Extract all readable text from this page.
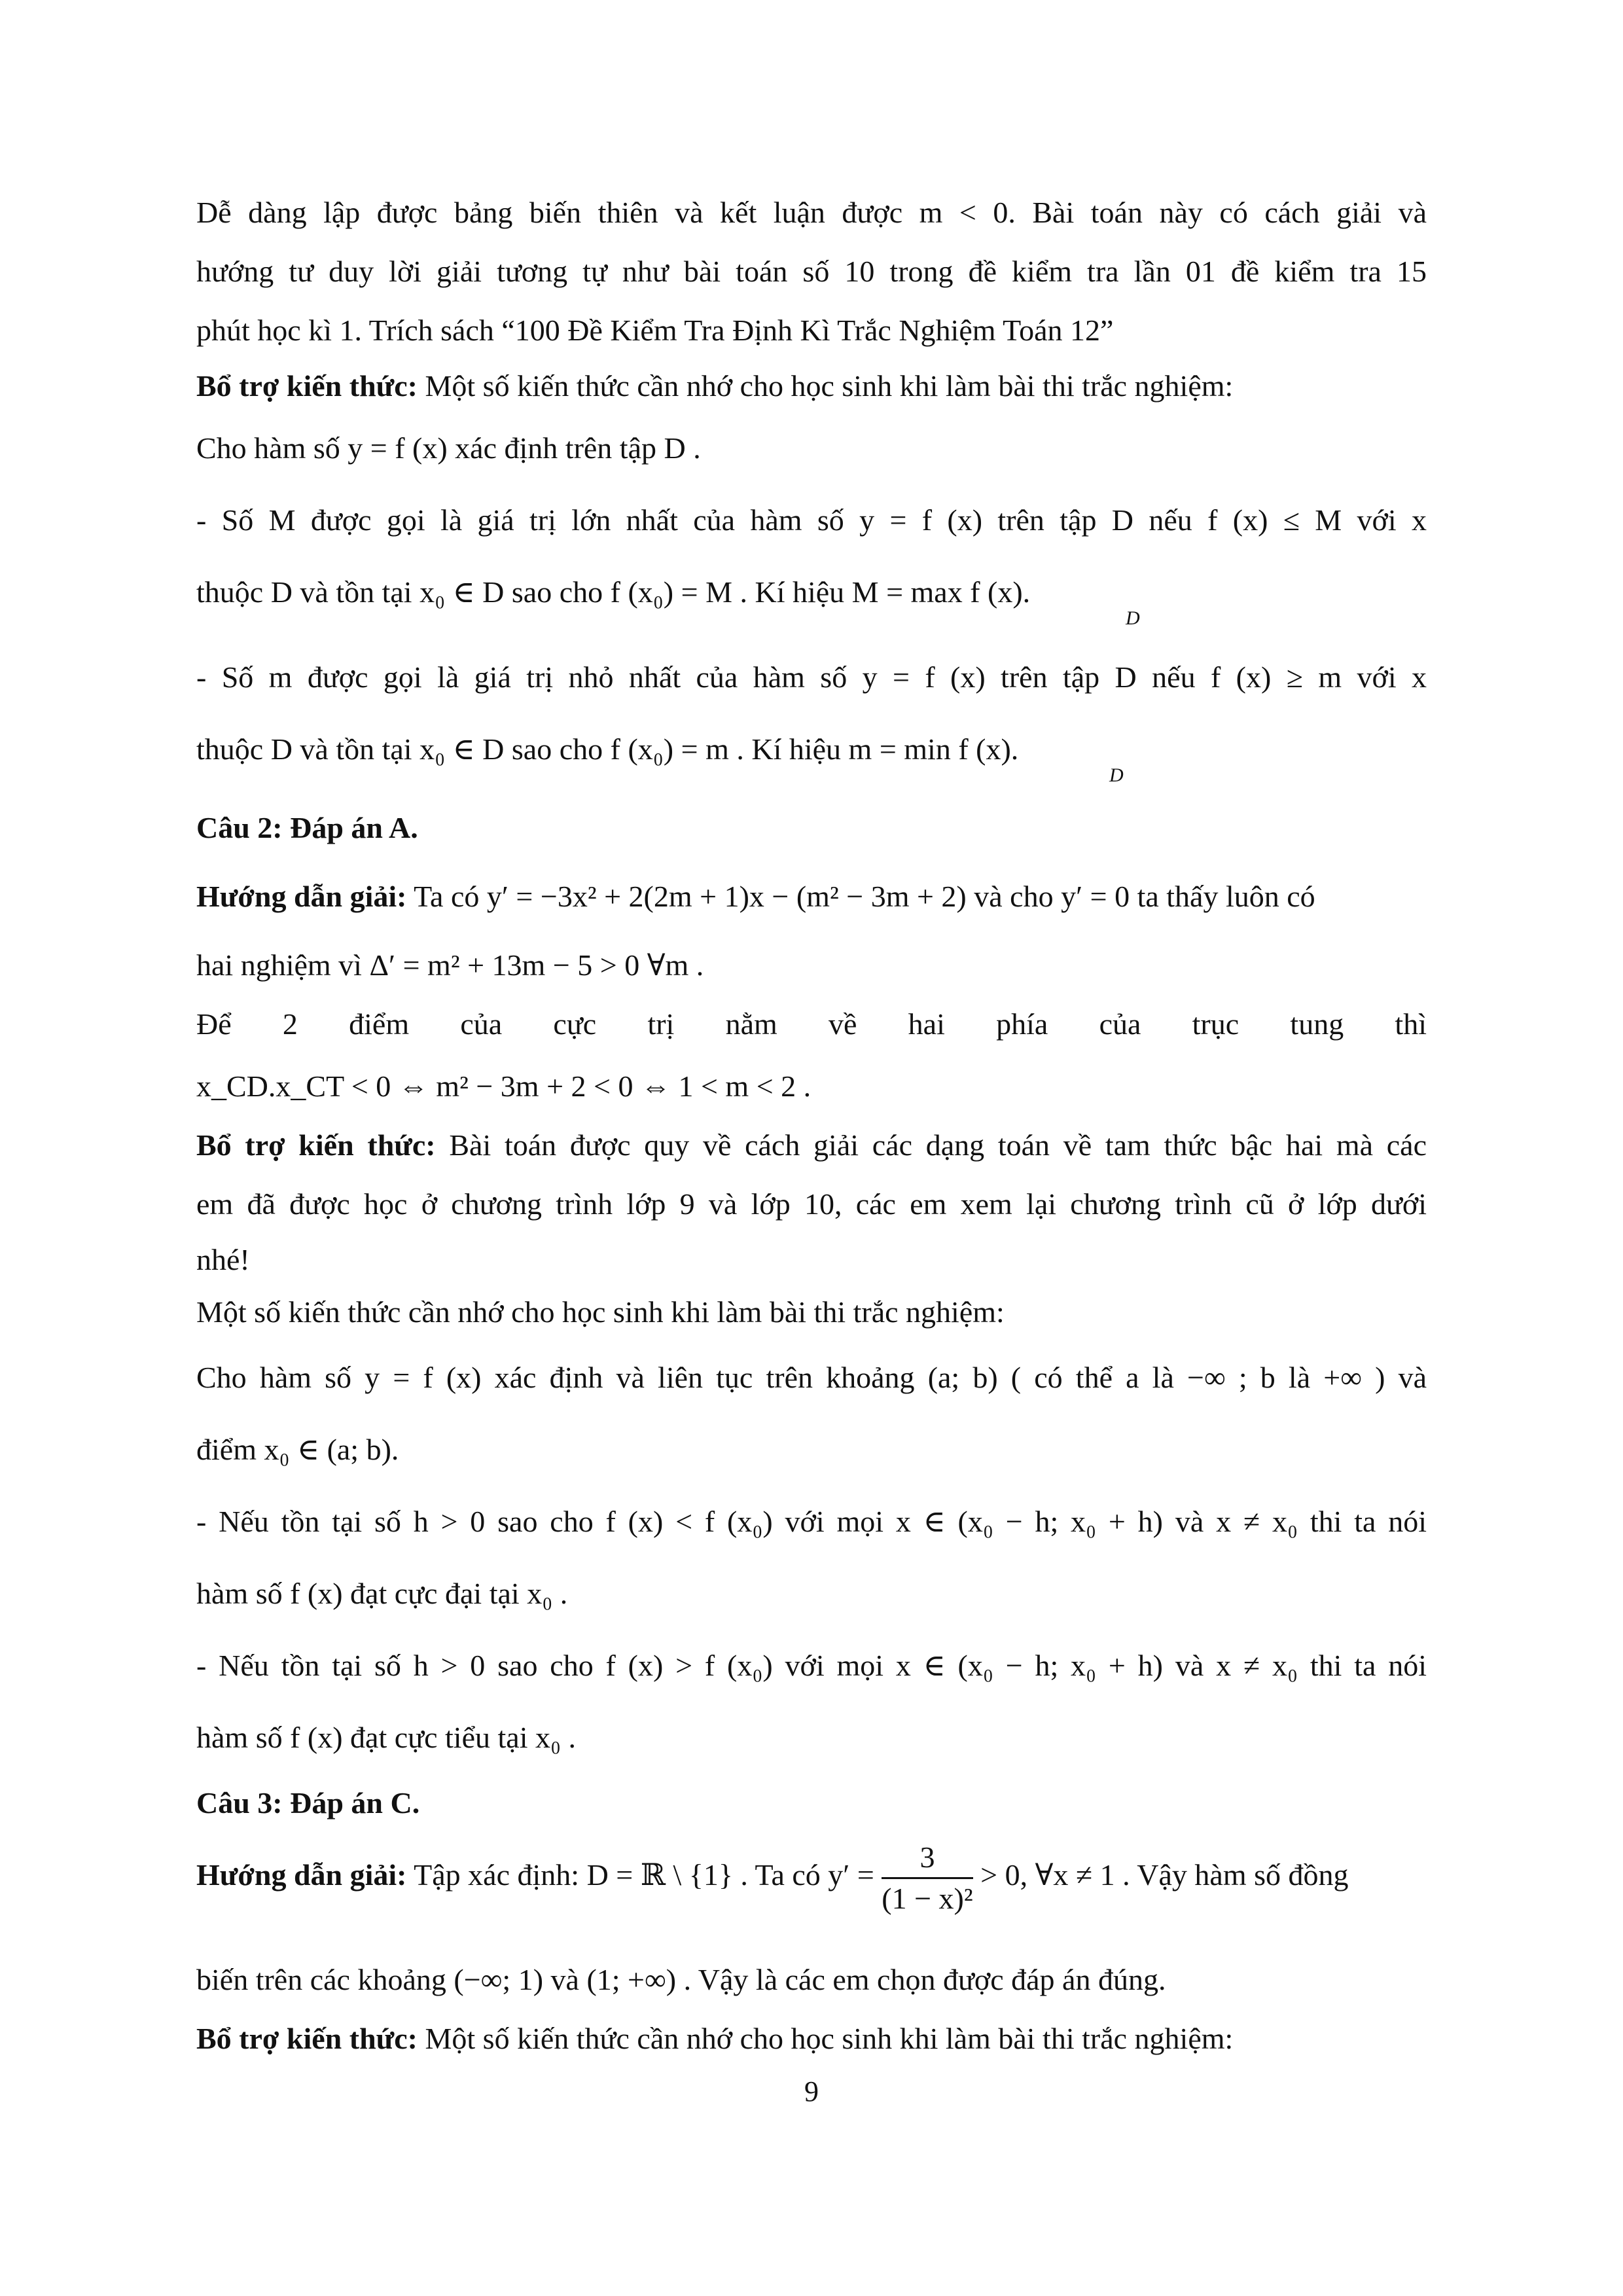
Dễ dàng lập được bảng biến thiên và kết luận được m < 0. Bài toán này có cách giải và
hướng tư duy lời giải tương tự như bài toán số 10 trong đề kiểm tra lần 01 đề kiểm tra 15
phút học kì 1. Trích sách “100 Đề Kiểm Tra Định Kì Trắc Nghiệm Toán 12”
Bổ trợ kiến thức: Một số kiến thức cần nhớ cho học sinh khi làm bài thi trắc nghiệm:
Cho hàm số y = f (x) xác định trên tập D .
- Số M được gọi là giá trị lớn nhất của hàm số y = f (x) trên tập D nếu f (x) ≤ M với x
thuộc D và tồn tại x₀ ∈ D sao cho f (x₀) = M . Kí hiệu M = max f (x).
D
- Số m được gọi là giá trị nhỏ nhất của hàm số y = f (x) trên tập D nếu f (x) ≥ m với x
thuộc D và tồn tại x₀ ∈ D sao cho f (x₀) = m . Kí hiệu m = min f (x).
D
Câu 2: Đáp án A.
Hướng dẫn giải: Ta có y′ = −3x² + 2(2m + 1)x − (m² − 3m + 2) và cho y′ = 0 ta thấy luôn có
hai nghiệm vì Δ′ = m² + 13m − 5 > 0 ∀m .
Để 2 điểm của cực trị nằm về hai phía của trục tung thì
x_CD.x_CT < 0 ⇔ m² − 3m + 2 < 0 ⇔ 1 < m < 2 .
Bổ trợ kiến thức: Bài toán được quy về cách giải các dạng toán về tam thức bậc hai mà các
em đã được học ở chương trình lớp 9 và lớp 10, các em xem lại chương trình cũ ở lớp dưới
nhé!
Một số kiến thức cần nhớ cho học sinh khi làm bài thi trắc nghiệm:
Cho hàm số y = f (x) xác định và liên tục trên khoảng (a; b) ( có thể a là −∞ ; b là +∞ ) và
điểm x₀ ∈ (a; b).
- Nếu tồn tại số h > 0 sao cho f (x) < f (x₀) với mọi x ∈ (x₀ − h; x₀ + h) và x ≠ x₀ thi ta nói
hàm số f (x) đạt cực đại tại x₀ .
- Nếu tồn tại số h > 0 sao cho f (x) > f (x₀) với mọi x ∈ (x₀ − h; x₀ + h) và x ≠ x₀ thi ta nói
hàm số f (x) đạt cực tiểu tại x₀ .
Câu 3: Đáp án C.
Hướng dẫn giải: Tập xác định: D = ℝ \ {1} . Ta có $y' = \frac{3}{\text{(1 − x)²}} > 0$, ∀x ≠ 1 . Vậy hàm số đồng
biến trên các khoảng (−∞; 1) và (1; +∞) . Vậy là các em chọn được đáp án đúng.
Bổ trợ kiến thức: Một số kiến thức cần nhớ cho học sinh khi làm bài thi trắc nghiệm:
9
